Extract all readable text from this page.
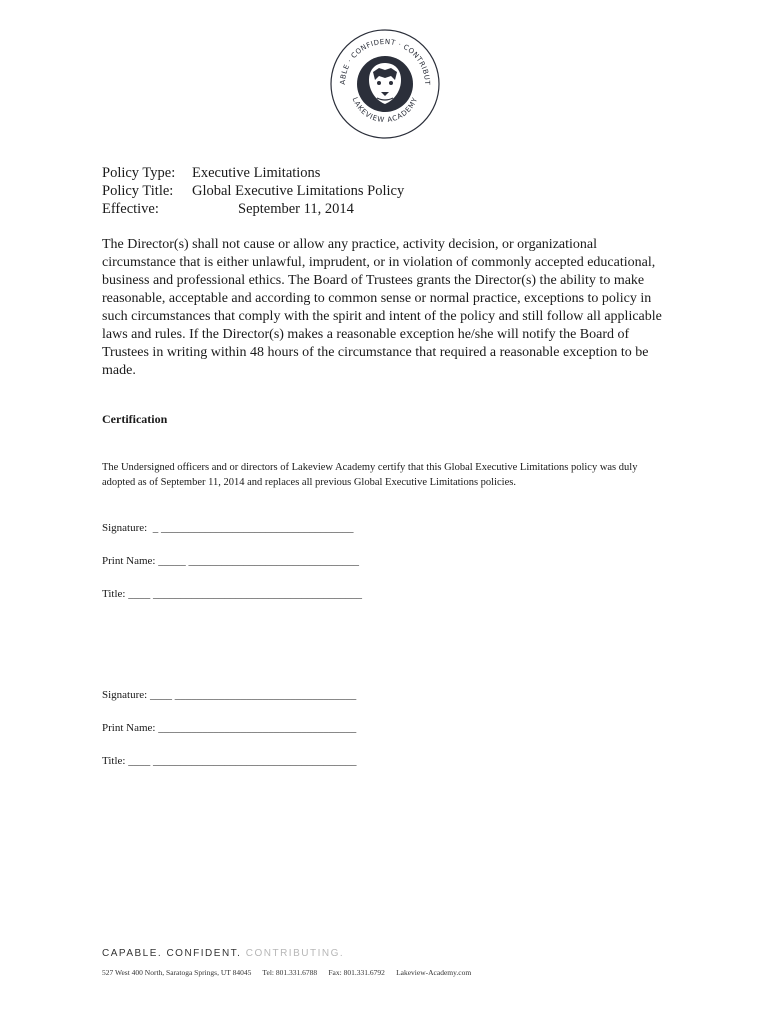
ABLE · CONFIDENT · CONTRIBUT
LAKEVIEW ACADEMY
Policy Type:	Executive Limitations
Policy Title:	Global Executive Limitations Policy
Effective:	September 11, 2014
The Director(s) shall not cause or allow any practice, activity decision, or organizational circumstance that is either unlawful, imprudent, or in violation of commonly accepted educational, business and professional ethics. The Board of Trustees grants the Director(s) the ability to make reasonable, acceptable and according to common sense or normal practice, exceptions to policy in such circumstances that comply with the spirit and intent of the policy and still follow all applicable laws and rules. If the Director(s) makes a reasonable exception he/she will notify the Board of Trustees in writing within 48 hours of the circumstance that required a reasonable exception to be made.
Certification
The Undersigned officers and or directors of Lakeview Academy certify that this Global Executive Limitations policy was duly adopted as of September 11, 2014 and replaces all previous Global Executive Limitations policies.
Signature:  _ ___________________________________
Print Name: _____ _______________________________
Title: ____ ______________________________________
Signature: ____ _________________________________
Print Name: ____________________________________
Title: ____ _____________________________________
CAPABLE. CONFIDENT. CONTRIBUTING.
527 West 400 North, Saratoga Springs, UT 84045      Tel: 801.331.6788      Fax: 801.331.6792      Lakeview-Academy.com
